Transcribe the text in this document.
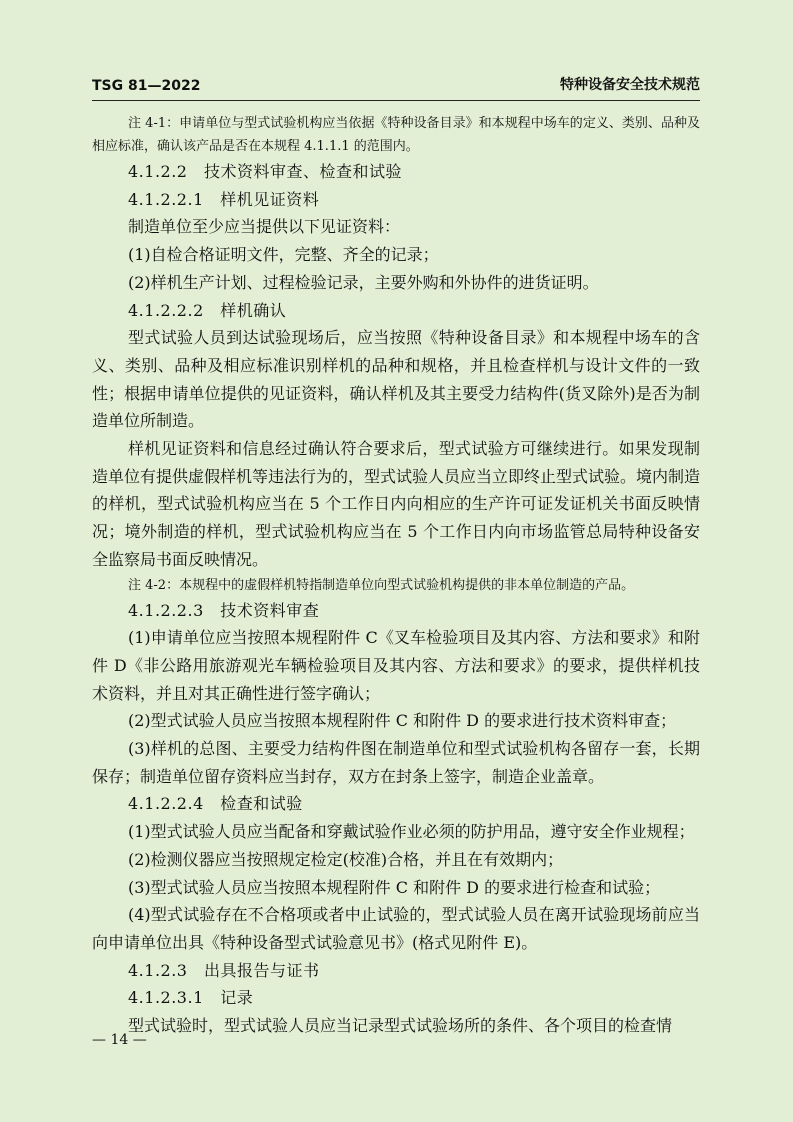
TSG 81—2022	特种设备安全技术规范

注 4-1：申请单位与型式试验机构应当依据《特种设备目录》和本规程中场车的定义、类别、品种及相应标准，确认该产品是否在本规程 4.1.1.1 的范围内。

4.1.2.2　技术资料审查、检查和试验

4.1.2.2.1　样机见证资料

制造单位至少应当提供以下见证资料：

(1)自检合格证明文件，完整、齐全的记录；

(2)样机生产计划、过程检验记录，主要外购和外协件的进货证明。

4.1.2.2.2　样机确认

型式试验人员到达试验现场后，应当按照《特种设备目录》和本规程中场车的含义、类别、品种及相应标准识别样机的品种和规格，并且检查样机与设计文件的一致性；根据申请单位提供的见证资料，确认样机及其主要受力结构件(货叉除外)是否为制造单位所制造。

样机见证资料和信息经过确认符合要求后，型式试验方可继续进行。如果发现制造单位有提供虚假样机等违法行为的，型式试验人员应当立即终止型式试验。境内制造的样机，型式试验机构应当在 5 个工作日内向相应的生产许可证发证机关书面反映情况；境外制造的样机，型式试验机构应当在 5 个工作日内向市场监管总局特种设备安全监察局书面反映情况。

注 4-2：本规程中的虚假样机特指制造单位向型式试验机构提供的非本单位制造的产品。

4.1.2.2.3　技术资料审查

(1)申请单位应当按照本规程附件 C《叉车检验项目及其内容、方法和要求》和附件 D《非公路用旅游观光车辆检验项目及其内容、方法和要求》的要求，提供样机技术资料，并且对其正确性进行签字确认；

(2)型式试验人员应当按照本规程附件 C 和附件 D 的要求进行技术资料审查；

(3)样机的总图、主要受力结构件图在制造单位和型式试验机构各留存一套，长期保存；制造单位留存资料应当封存，双方在封条上签字，制造企业盖章。

4.1.2.2.4　检查和试验

(1)型式试验人员应当配备和穿戴试验作业必须的防护用品，遵守安全作业规程；

(2)检测仪器应当按照规定检定(校准)合格，并且在有效期内；

(3)型式试验人员应当按照本规程附件 C 和附件 D 的要求进行检查和试验；

(4)型式试验存在不合格项或者中止试验的，型式试验人员在离开试验现场前应当向申请单位出具《特种设备型式试验意见书》(格式见附件 E)。

4.1.2.3　出具报告与证书

4.1.2.3.1　记录

型式试验时，型式试验人员应当记录型式试验场所的条件、各个项目的检查情

— 14 —
